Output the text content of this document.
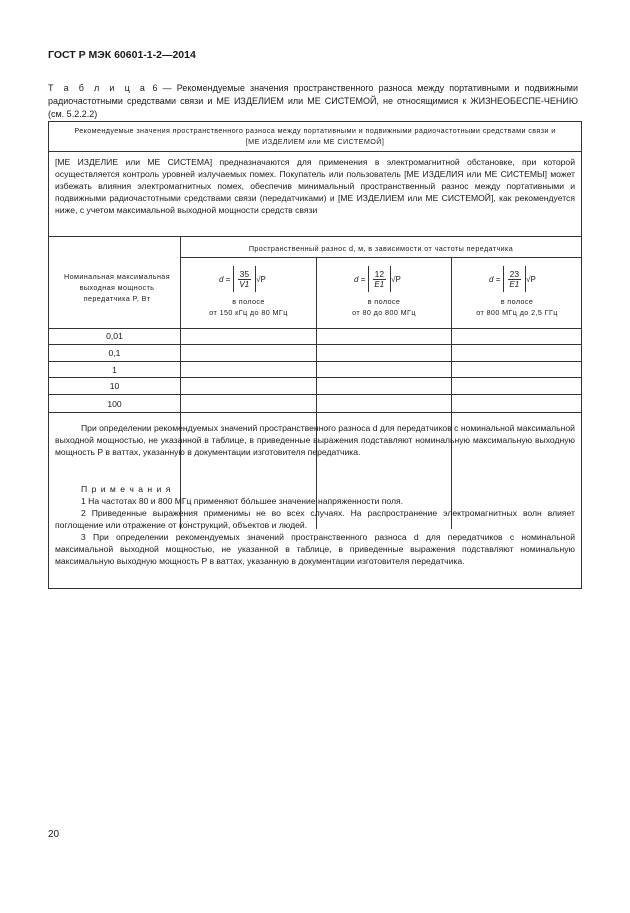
ГОСТ Р МЭК 60601-1-2—2014
Т а б л и ц а 6 — Рекомендуемые значения пространственного разноса между портативными и подвижными радиочастотными средствами связи и МЕ ИЗДЕЛИЕМ или МЕ СИСТЕМОЙ, не относящимися к ЖИЗНЕОБЕСПЕ-ЧЕНИЮ (см. 5.2.2.2)
Рекомендуемые значения пространственного разноса между портативными и подвижными радиочастотными средствами связи и [МЕ ИЗДЕЛИЕМ или МЕ СИСТЕМОЙ]
[МЕ ИЗДЕЛИЕ или МЕ СИСТЕМА] предназначаются для применения в электромагнитной обстановке, при которой осуществляется контроль уровней излучаемых помех. Покупатель или пользователь [МЕ ИЗДЕЛИЯ или МЕ СИСТЕМЫ] может избежать влияния электромагнитных помех, обеспечив минимальный пространственный разнос между портативными и подвижными радиочастотными средствами связи (передатчиками) и [МЕ ИЗДЕЛИЕМ или МЕ СИСТЕМОЙ], как рекомендуется ниже, с учетом максимальной выходной мощности средств связи
Номинальная максимальная выходная мощность передатчика P, Вт
Пространственный разнос d, м, в зависимости от частоты передатчика
d
=
$\frac{35}{V1} √P$
в полосе
от 150 кГц до 80 МГц
d
=
$\frac{12}{E1} √P$
в полосе
от 80 до 800 МГц
d
=
$\frac{23}{E1} √P$
в полосе
от 800 МГц до 2,5 ГГц
0,01
0,1
1
10
100
При определении рекомендуемых значений пространственного разноса d для передатчиков с номинальной максимальной выходной мощностью, не указанной в таблице, в приведенные выражения подставляют номинальную максимальную выходную мощность P в ваттах, указанную в документации изготовителя передатчика.

П р и м е ч а н и я

1 На частотах 80 и 800 МГц применяют бóльшее значение напряженности поля.

2 Приведенные выражения применимы не во всех случаях. На распространение электромагнитных волн влияет поглощение или отражение от конструкций, объектов и людей.

3 При определении рекомендуемых значений пространственного разноса d для передатчиков с номинальной максимальной выходной мощностью, не указанной в таблице, в приведенные выражения подставляют номинальную максимальную выходную мощность P в ваттах, указанную в документации изготовителя передатчика.

20
